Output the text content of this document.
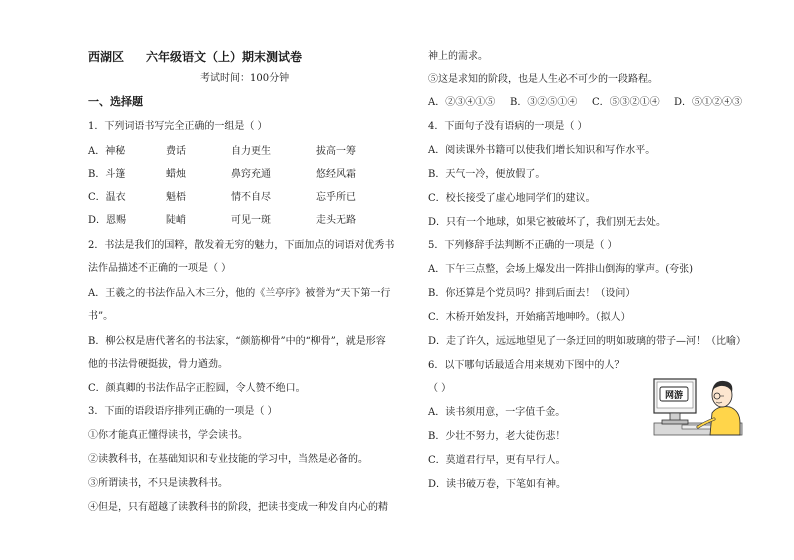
西湖区 六年级语文（上）期末测试卷
考试时间：100分钟
一、选择题
1．下列词语书写完全正确的一组是（ ）
A．神秘	费话	自力更生	拔高一筹
B．斗篷	蜡烛	鼻窍充通	悠经风霜
C．温衣	魁梧	情不自尽	忘乎所已
D．恩赐	陡峭	可见一斑	走头无路
2．书法是我们的国粹，散发着无穷的魅力，下面加点的词语对优秀书
法作品描述不正确的一项是（ ）
A．王羲之的书法作品入木三分，他的《兰亭序》被誉为“天下第一行
书”。
B．柳公权是唐代著名的书法家，“颜筋柳骨”中的“柳骨”，就是形容
他的书法骨硬挺拔，骨力遒劲。
C．颜真卿的书法作品字正腔圆，令人赞不绝口。
3．下面的语段语序排列正确的一项是（ ）
①你才能真正懂得读书，学会读书。
②读教科书，在基础知识和专业技能的学习中，当然是必备的。
③所谓读书，不只是读教科书。
④但是，只有超越了读教科书的阶段，把读书变成一种发自内心的精
神上的需求。
⑤这是求知的阶段，也是人生必不可少的一段路程。
A．②③④①⑤ B．③②⑤①④ C．⑤③②①④ D．⑤①②④③
4．下面句子没有语病的一项是（ ）
A．阅读课外书籍可以使我们增长知识和写作水平。
B．天气一冷，便放假了。
C．校长接受了虚心地同学们的建议。
D．只有一个地球，如果它被破坏了，我们别无去处。
5．下列修辞手法判断不正确的一项是（ ）
A．下午三点整，会场上爆发出一阵排山倒海的掌声。(夸张)
B．你还算是个党员吗？排到后面去！（设问）
C．木桥开始发抖，开始痛苦地呻吟。（拟人）
D．走了许久，远远地望见了一条迂回的明如玻璃的带子—河！（比喻）
6．以下哪句话最适合用来规劝下图中的人？
（ ）
A．读书须用意，一字值千金。
B．少壮不努力，老大徒伤悲！
C．莫道君行早，更有早行人。
D．读书破万卷，下笔如有神。
网游
